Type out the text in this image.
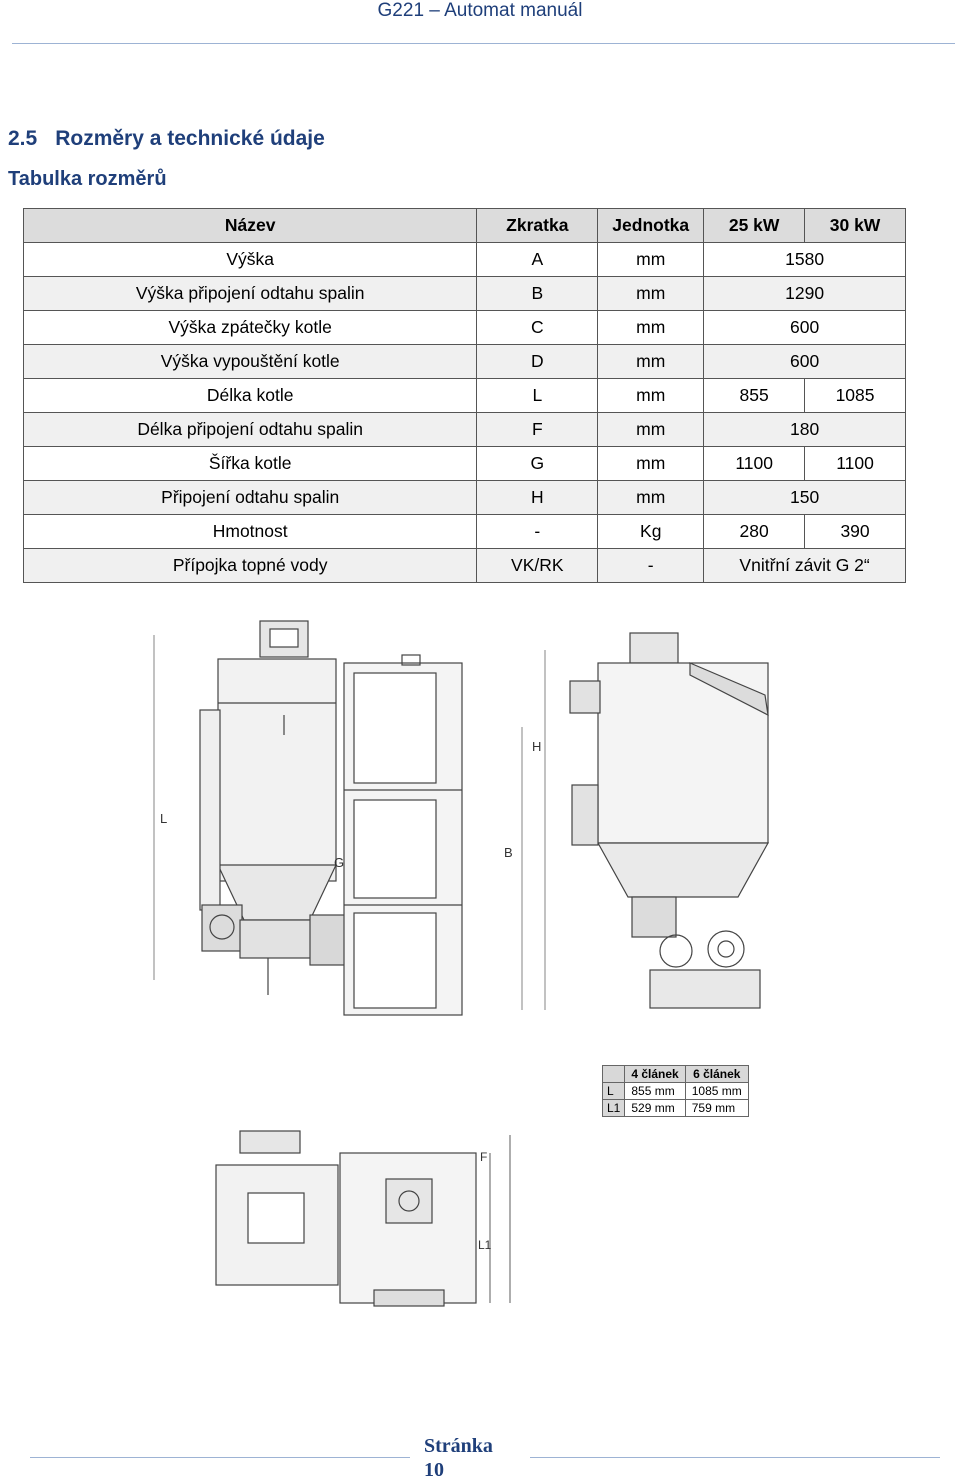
G221 – Automat manuál
2.5 Rozměry a technické údaje
Tabulka rozměrů
Název	Zkratka	Jednotka	25 kW	30 kW
Výška	A	mm	1580	
Výška připojení odtahu spalin	B	mm	1290	
Výška zpátečky kotle	C	mm	600	
Výška vypouštění kotle	D	mm	600	
Délka kotle	L	mm	855	1085
Délka připojení odtahu spalin	F	mm	180	
Šířka kotle	G	mm	1100	1100
Připojení odtahu spalin	H	mm	150	
Hmotnost	-	Kg	280	390
Přípojka topné vody	VK/RK	-	Vnitřní závit G 2“	
L
G
H
B
	4 článek	6 článek
L	855 mm	1085 mm
L1	529 mm	759 mm
F
L1
Stránka
10
